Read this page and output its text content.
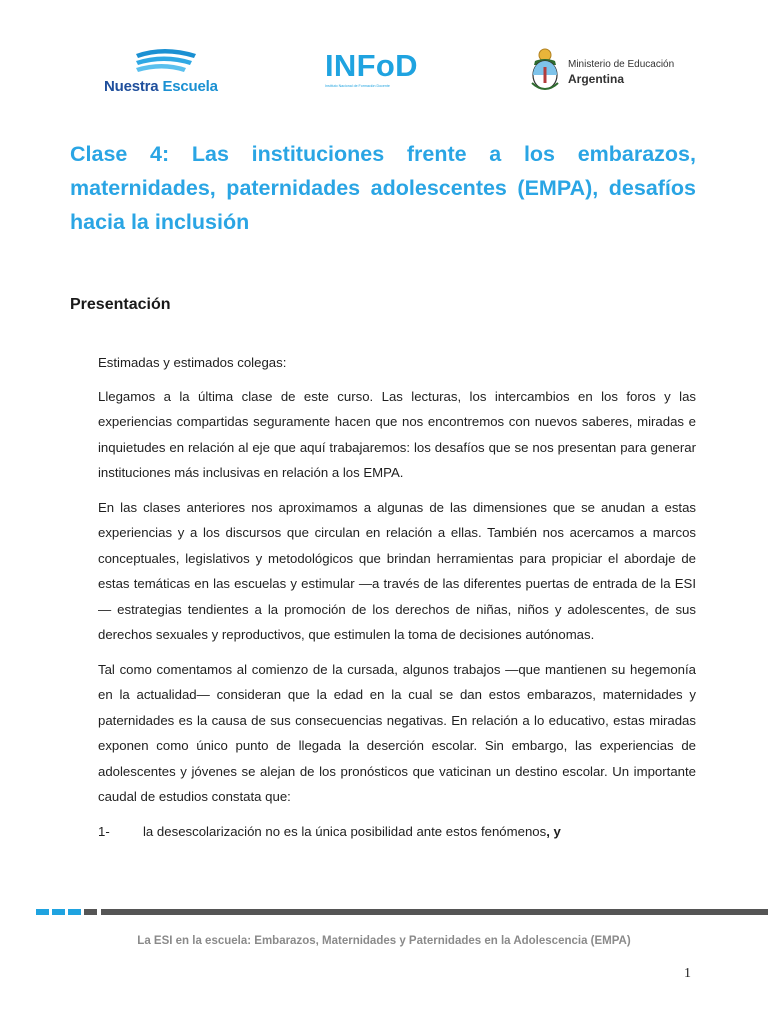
Nuestra Escuela
INFoD
Instituto Nacional de Formación Docente
Ministerio de Educación
Argentina
Clase 4: Las instituciones frente a los embarazos, maternidades, paternidades adolescentes (EMPA), desafíos hacia la inclusión
Presentación

Estimadas y estimados colegas:

Llegamos a la última clase de este curso. Las lecturas, los intercambios en los foros y las experiencias compartidas seguramente hacen que nos encontremos con nuevos saberes, miradas e inquietudes en relación al eje que aquí trabajaremos: los desafíos que se nos presentan para generar instituciones más inclusivas en relación a los EMPA.

En las clases anteriores nos aproximamos a algunas de las dimensiones que se anudan a estas experiencias y a los discursos que circulan en relación a ellas. También nos acercamos a marcos conceptuales, legislativos y metodológicos que brindan herramientas para propiciar el abordaje de estas temáticas en las escuelas y estimular —a través de las diferentes puertas de entrada de la ESI— estrategias tendientes a la promoción de los derechos de niñas, niños y adolescentes, de sus derechos sexuales y reproductivos, que estimulen la toma de decisiones autónomas.

Tal como comentamos al comienzo de la cursada, algunos trabajos —que mantienen su hegemonía en la actualidad— consideran que la edad en la cual se dan estos embarazos, maternidades y paternidades es la causa de sus consecuencias negativas. En relación a lo educativo, estas miradas exponen como único punto de llegada la deserción escolar. Sin embargo, las experiencias de adolescentes y jóvenes se alejan de los pronósticos que vaticinan un destino escolar. Un importante caudal de estudios constata que:

1-	la desescolarización no es la única posibilidad ante estos fenómenos, y
La ESI en la escuela: Embarazos, Maternidades y Paternidades en la Adolescencia (EMPA)
1
